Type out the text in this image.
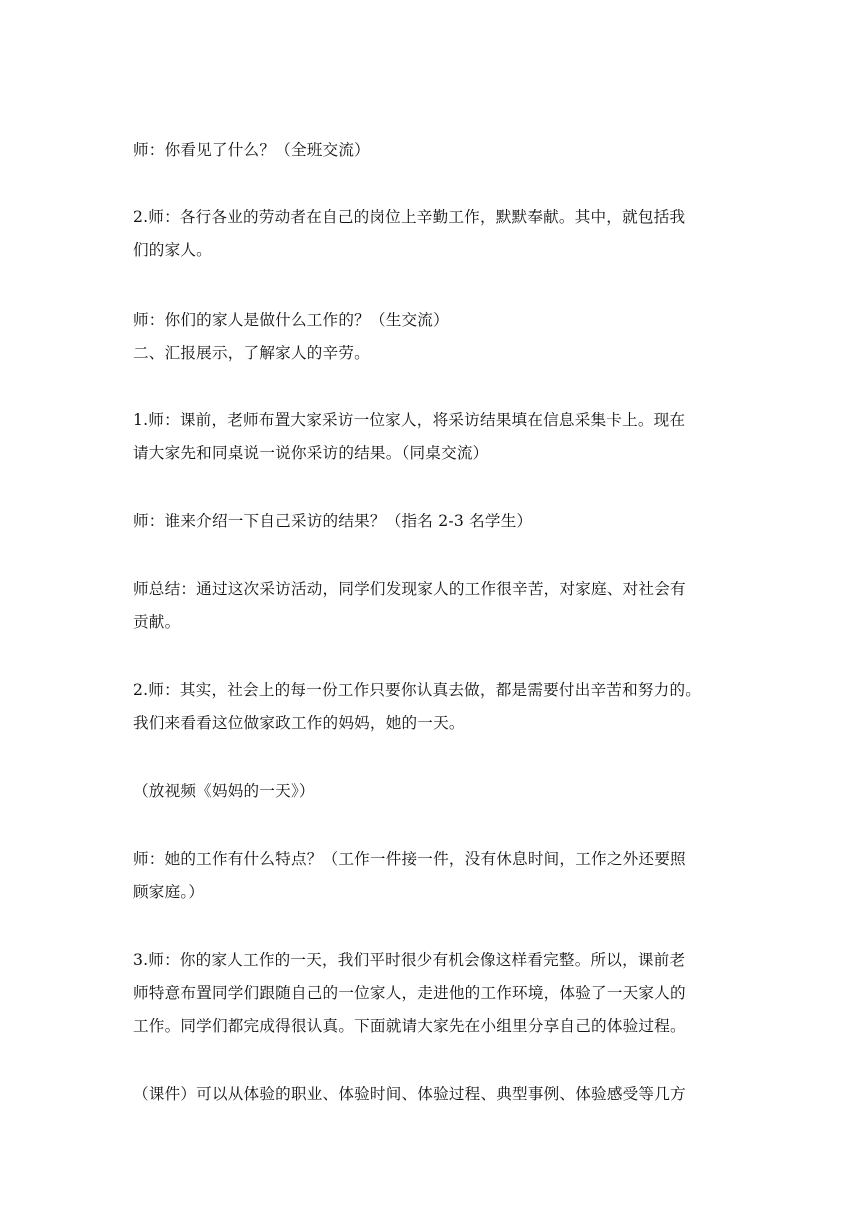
师：你看见了什么？（全班交流）
2.师：各行各业的劳动者在自己的岗位上辛勤工作，默默奉献。其中，就包括我
们的家人。
师：你们的家人是做什么工作的？（生交流）
二、汇报展示，了解家人的辛劳。
1.师：课前，老师布置大家采访一位家人，将采访结果填在信息采集卡上。现在
请大家先和同桌说一说你采访的结果。（同桌交流）
师：谁来介绍一下自己采访的结果？（指名 2-3 名学生）
师总结：通过这次采访活动，同学们发现家人的工作很辛苦，对家庭、对社会有
贡献。
2.师：其实，社会上的每一份工作只要你认真去做，都是需要付出辛苦和努力的。
我们来看看这位做家政工作的妈妈，她的一天。
（放视频《妈妈的一天》）
师：她的工作有什么特点？（工作一件接一件，没有休息时间，工作之外还要照
顾家庭。）
3.师：你的家人工作的一天，我们平时很少有机会像这样看完整。所以，课前老
师特意布置同学们跟随自己的一位家人，走进他的工作环境，体验了一天家人的
工作。同学们都完成得很认真。下面就请大家先在小组里分享自己的体验过程。
（课件）可以从体验的职业、体验时间、体验过程、典型事例、体验感受等几方
